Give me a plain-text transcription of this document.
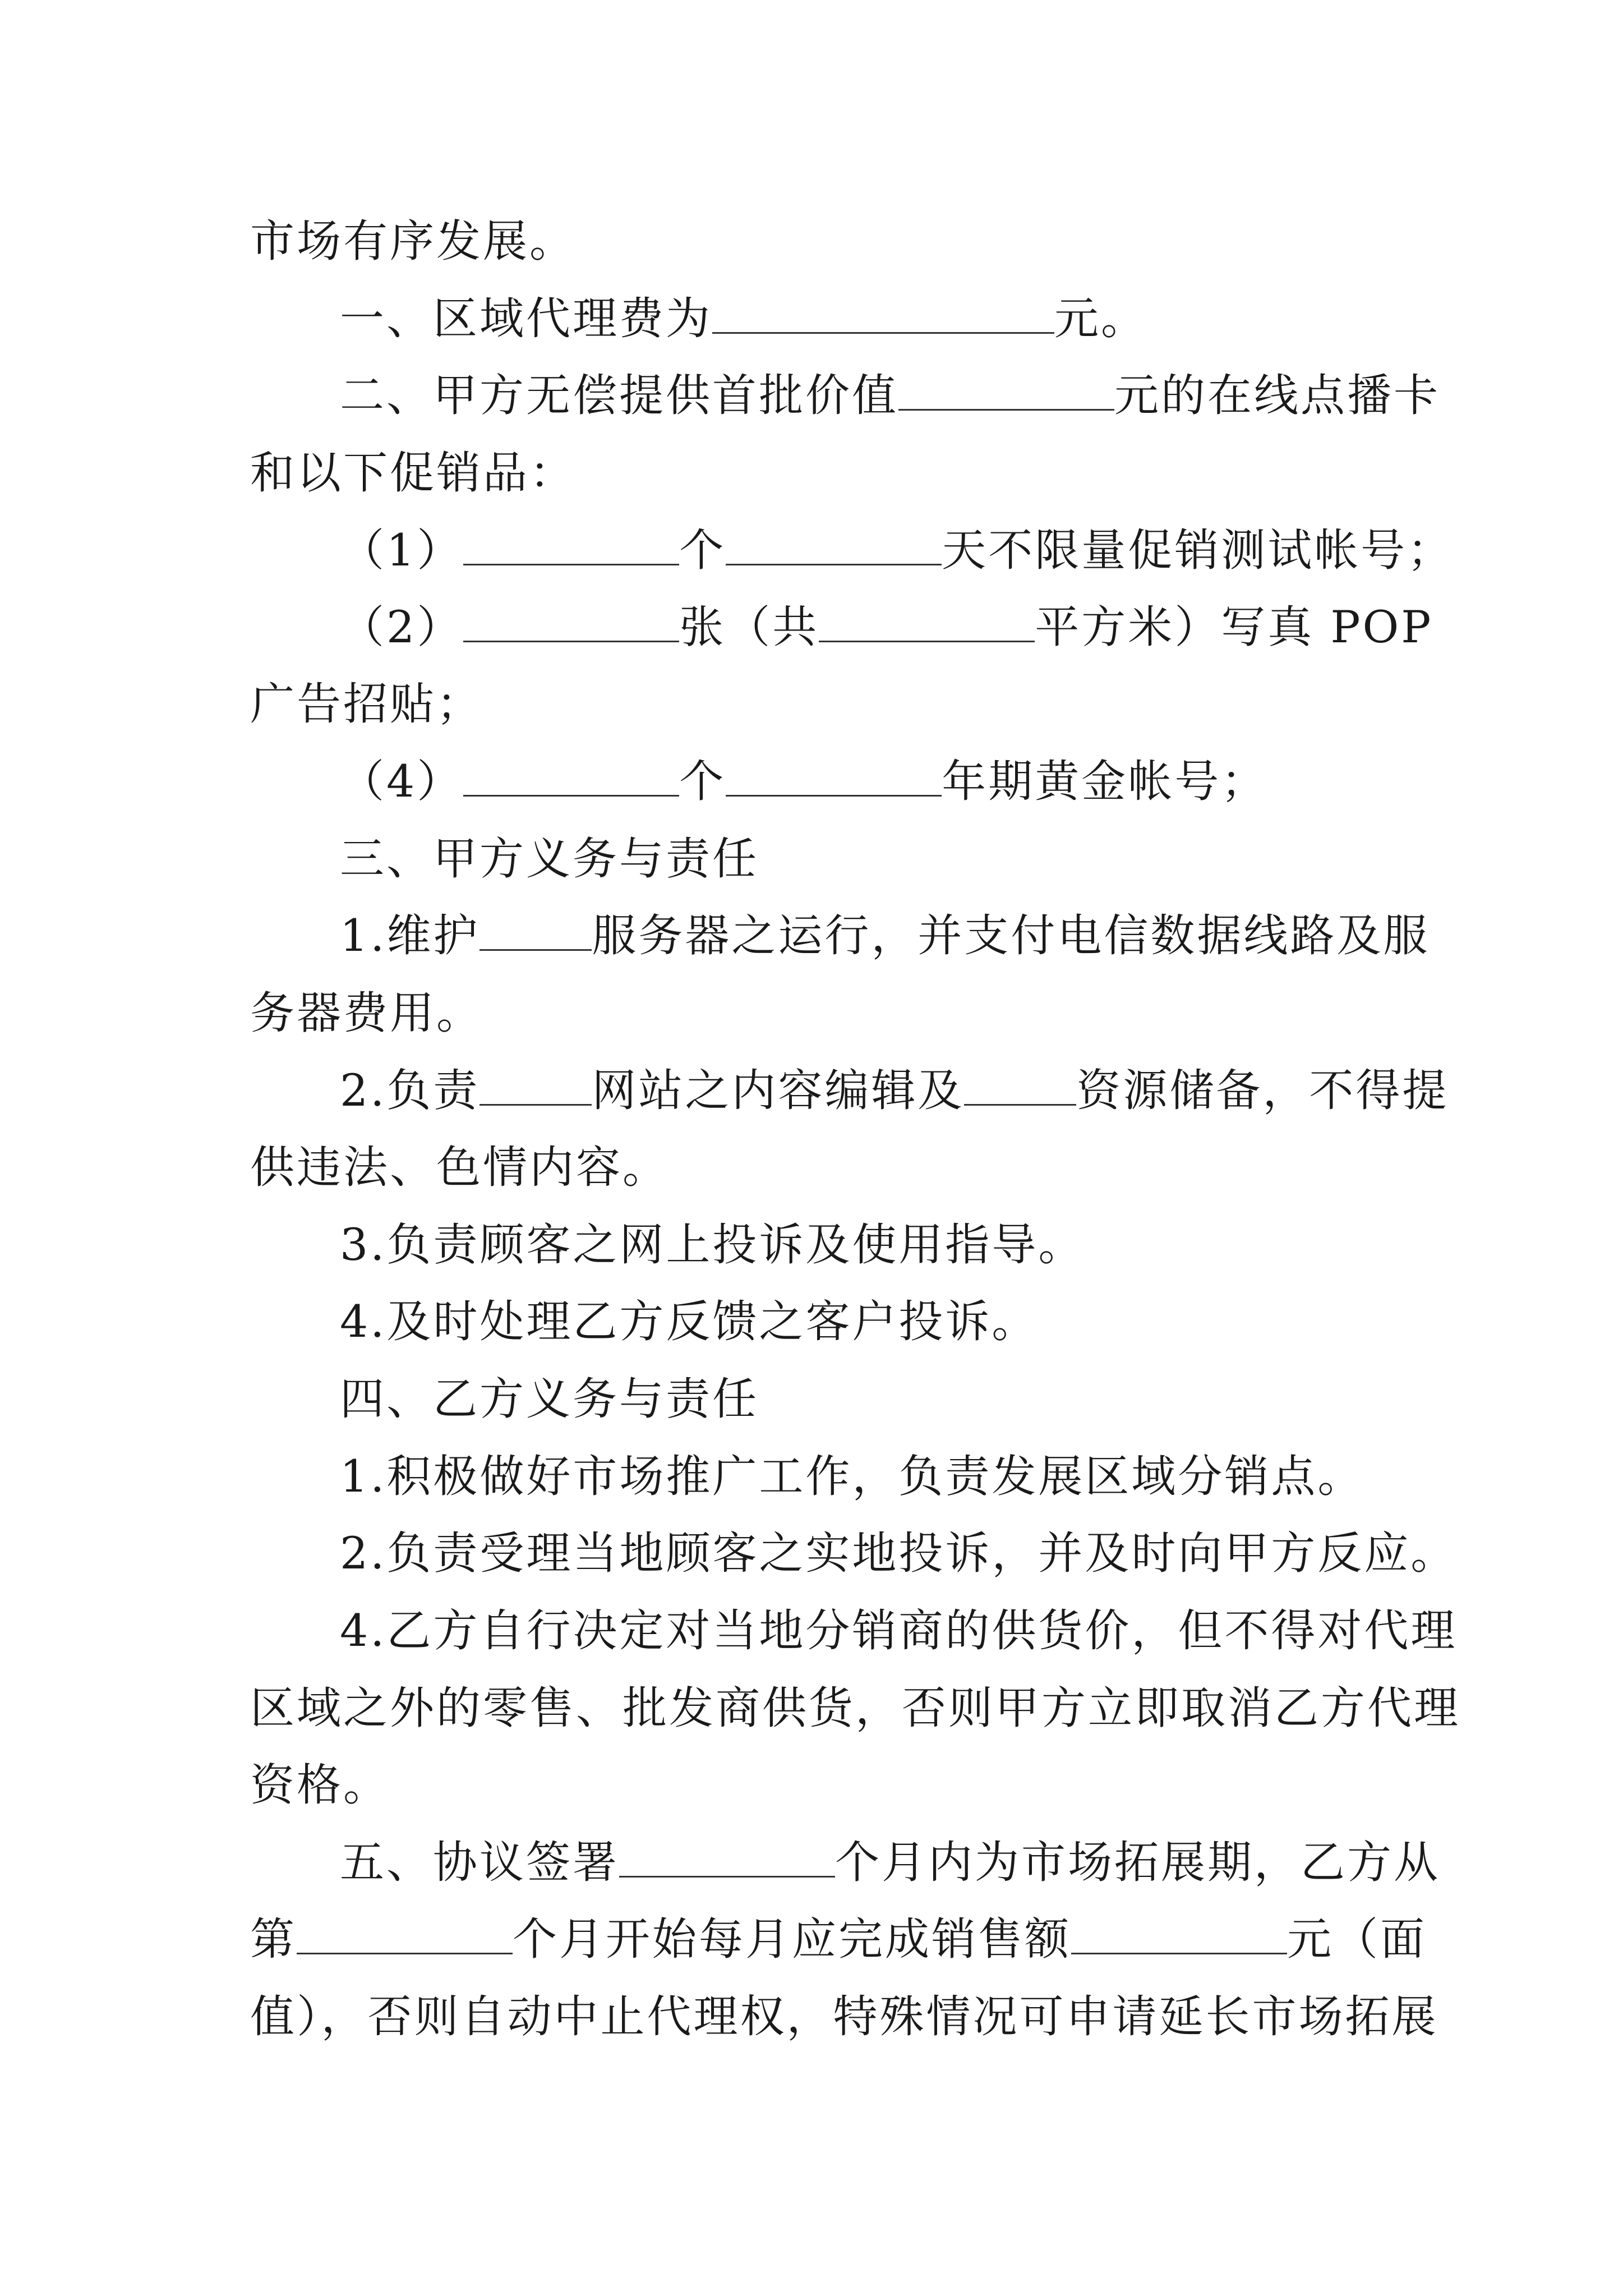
市场有序发展。
一、区域代理费为	元。
二、甲方无偿提供首批价值	元的在线点播卡
和以下促销品：
（1）	个	天不限量促销测试帐号；
（2）	张（共	平方米）写真 POP
广告招贴；
（4）	个	年期黄金帐号；
三、甲方义务与责任
1.维护	服务器之运行，并支付电信数据线路及服
务器费用。
2.负责	网站之内容编辑及	资源储备，不得提
供违法、色情内容。
3.负责顾客之网上投诉及使用指导。
4.及时处理乙方反馈之客户投诉。
四、乙方义务与责任
1.积极做好市场推广工作，负责发展区域分销点。
2.负责受理当地顾客之实地投诉，并及时向甲方反应。
4.乙方自行决定对当地分销商的供货价，但不得对代理
区域之外的零售、批发商供货，否则甲方立即取消乙方代理
资格。
五、协议签署	个月内为市场拓展期，乙方从
第	个月开始每月应完成销售额	元（面
值），否则自动中止代理权，特殊情况可申请延长市场拓展
